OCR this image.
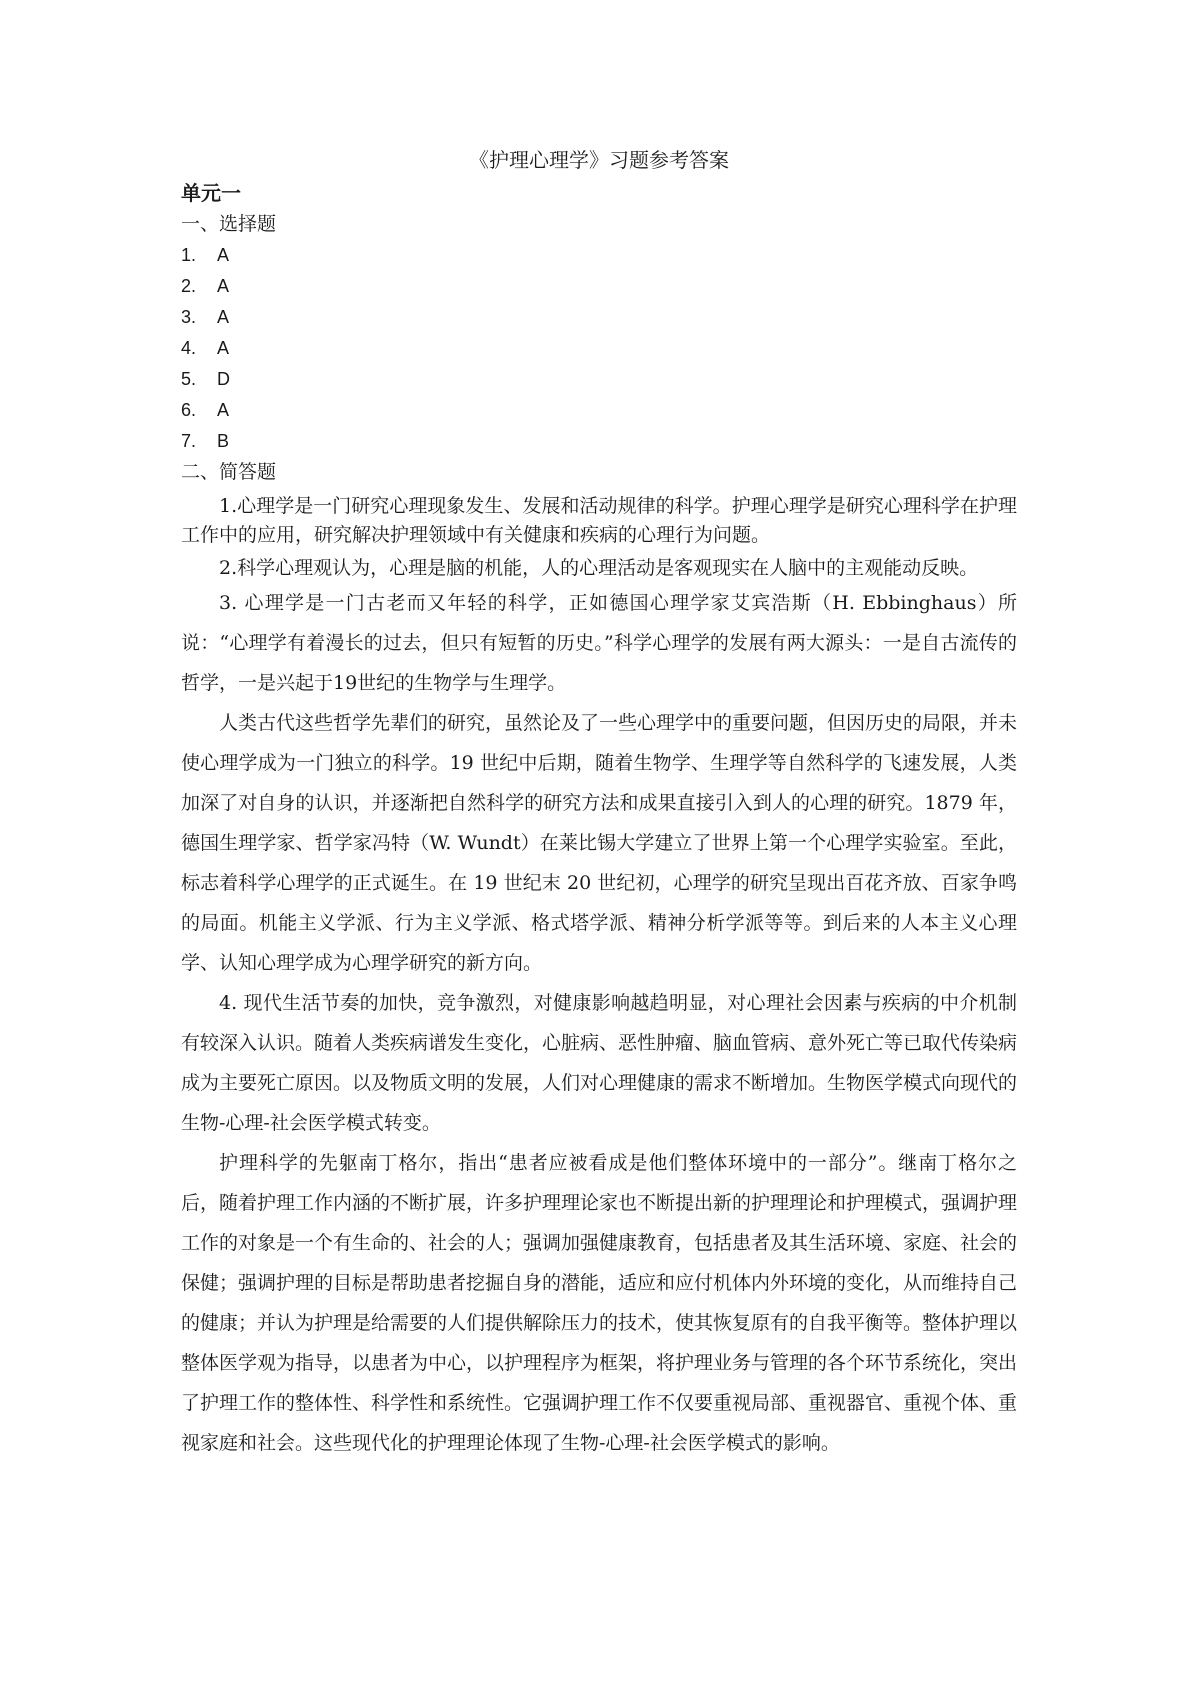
《护理心理学》习题参考答案
单元一

一、选择题

1. A
2. A
3. A
4. A
5. D
6. A
7. B

二、简答题

1.心理学是一门研究心理现象发生、发展和活动规律的科学。护理心理学是研究心理科学在护理工作中的应用，研究解决护理领域中有关健康和疾病的心理行为问题。

2.科学心理观认为，心理是脑的机能，人的心理活动是客观现实在人脑中的主观能动反映。

3. 心理学是一门古老而又年轻的科学，正如德国心理学家艾宾浩斯（H. Ebbinghaus）所说：“心理学有着漫长的过去，但只有短暂的历史。”科学心理学的发展有两大源头：一是自古流传的哲学，一是兴起于19世纪的生物学与生理学。

人类古代这些哲学先辈们的研究，虽然论及了一些心理学中的重要问题，但因历史的局限，并未使心理学成为一门独立的科学。19 世纪中后期，随着生物学、生理学等自然科学的飞速发展，人类加深了对自身的认识，并逐渐把自然科学的研究方法和成果直接引入到人的心理的研究。1879 年，德国生理学家、哲学家冯特（W. Wundt）在莱比锡大学建立了世界上第一个心理学实验室。至此，标志着科学心理学的正式诞生。在 19 世纪末 20 世纪初，心理学的研究呈现出百花齐放、百家争鸣的局面。机能主义学派、行为主义学派、格式塔学派、精神分析学派等等。到后来的人本主义心理学、认知心理学成为心理学研究的新方向。

4. 现代生活节奏的加快，竞争激烈，对健康影响越趋明显，对心理社会因素与疾病的中介机制有较深入认识。随着人类疾病谱发生变化，心脏病、恶性肿瘤、脑血管病、意外死亡等已取代传染病成为主要死亡原因。以及物质文明的发展，人们对心理健康的需求不断增加。生物医学模式向现代的生物-心理-社会医学模式转变。

护理科学的先躯南丁格尔，指出“患者应被看成是他们整体环境中的一部分”。继南丁格尔之后，随着护理工作内涵的不断扩展，许多护理理论家也不断提出新的护理理论和护理模式，强调护理工作的对象是一个有生命的、社会的人；强调加强健康教育，包括患者及其生活环境、家庭、社会的保健；强调护理的目标是帮助患者挖掘自身的潜能，适应和应付机体内外环境的变化，从而维持自己的健康；并认为护理是给需要的人们提供解除压力的技术，使其恢复原有的自我平衡等。整体护理以整体医学观为指导，以患者为中心，以护理程序为框架，将护理业务与管理的各个环节系统化，突出了护理工作的整体性、科学性和系统性。它强调护理工作不仅要重视局部、重视器官、重视个体、重视家庭和社会。这些现代化的护理理论体现了生物-心理-社会医学模式的影响。
